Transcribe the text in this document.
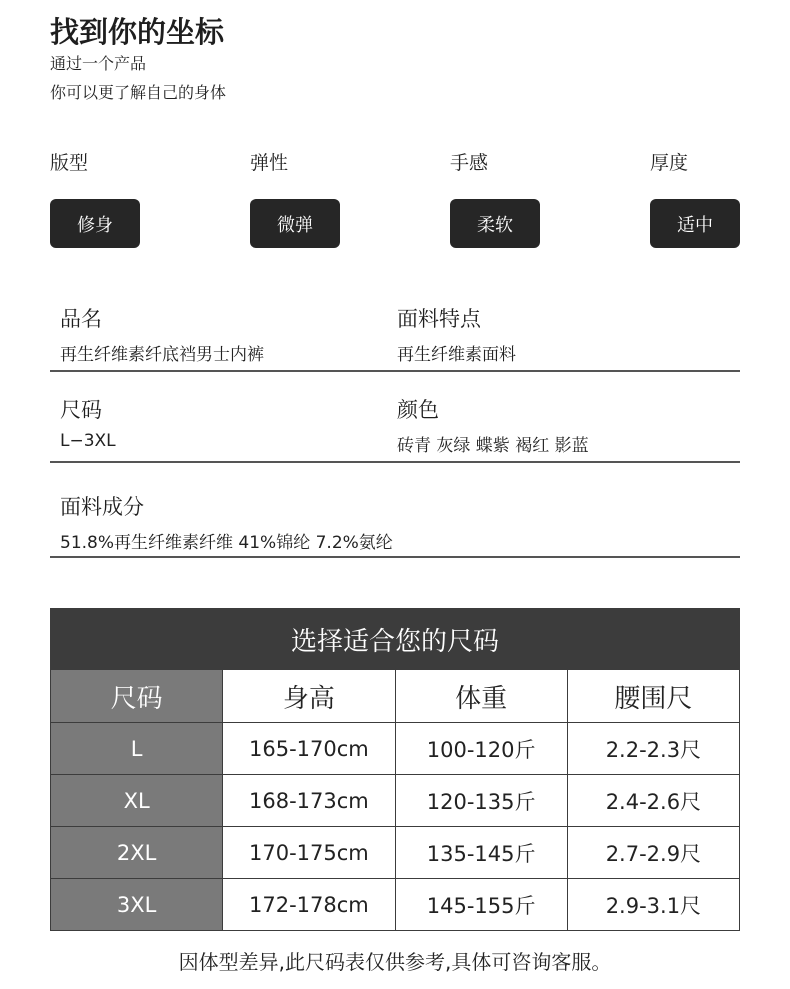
找到你的坐标
通过一个产品
你可以更了解自己的身体
版型
修身
弹性
微弹
手感
柔软
厚度
适中
品名
再生纤维素纤底裆男士内裤
面料特点
再生纤维素面料
尺码
L−3XL
颜色
砖青 灰绿 蝶紫 褐红 影蓝
面料成分
51.8%再生纤维素纤维 41%锦纶 7.2%氨纶
选择适合您的尺码			
尺码	身高	体重	腰围尺
L	165-170cm	100-120斤	2.2-2.3尺
XL	168-173cm	120-135斤	2.4-2.6尺
2XL	170-175cm	135-145斤	2.7-2.9尺
3XL	172-178cm	145-155斤	2.9-3.1尺
因体型差异,此尺码表仅供参考,具体可咨询客服。
